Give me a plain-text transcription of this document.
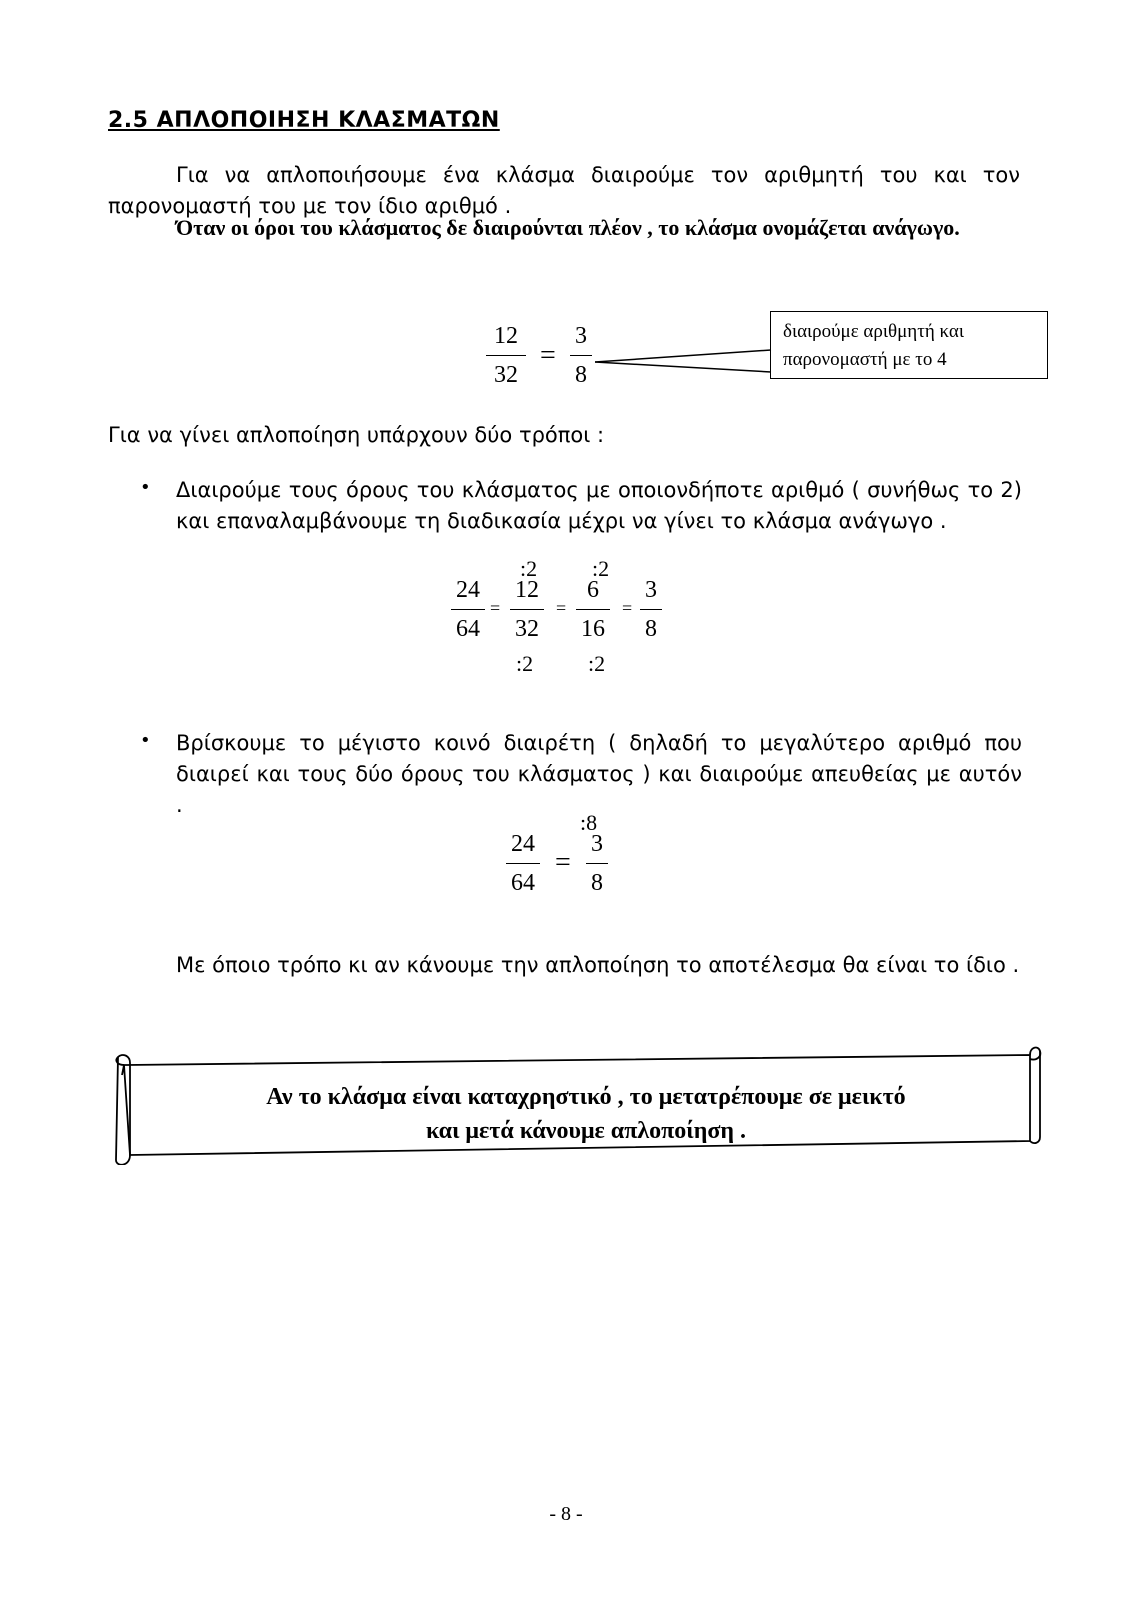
2.5 ΑΠΛΟΠΟΙΗΣΗ ΚΛΑΣΜΑΤΩΝ
Για να απλοποιήσουμε ένα κλάσμα διαιρούμε τον αριθμητή του και τον παρονομαστή του με τον ίδιο αριθμό .
Όταν οι όροι του κλάσματος δε διαιρούνται πλέον , το κλάσμα ονομάζεται ανάγωγο.
12
32
=
3
8
διαιρούμε αριθμητή και παρονομαστή με το 4
Για να γίνει απλοποίηση υπάρχουν δύο τρόποι :
• Διαιρούμε τους όρους του κλάσματος με οποιονδήποτε αριθμό ( συνήθως το 2) και επαναλαμβάνουμε τη διαδικασία μέχρι να γίνει το κλάσμα ανάγωγο .
:2 :2
24
64
=
12
32
=
6
16
=
3
8
:2 :2
• Βρίσκουμε το μέγιστο κοινό διαιρέτη ( δηλαδή το μεγαλύτερο αριθμό που διαιρεί και τους δύο όρους του κλάσματος ) και διαιρούμε απευθείας με αυτόν .
:8
24
64
=
3
8
Με όποιο τρόπο κι αν κάνουμε την απλοποίηση το αποτέλεσμα θα είναι το ίδιο .
Αν το κλάσμα είναι καταχρηστικό , το μετατρέπουμε σε μεικτό
και μετά κάνουμε απλοποίηση .
- 8 -
